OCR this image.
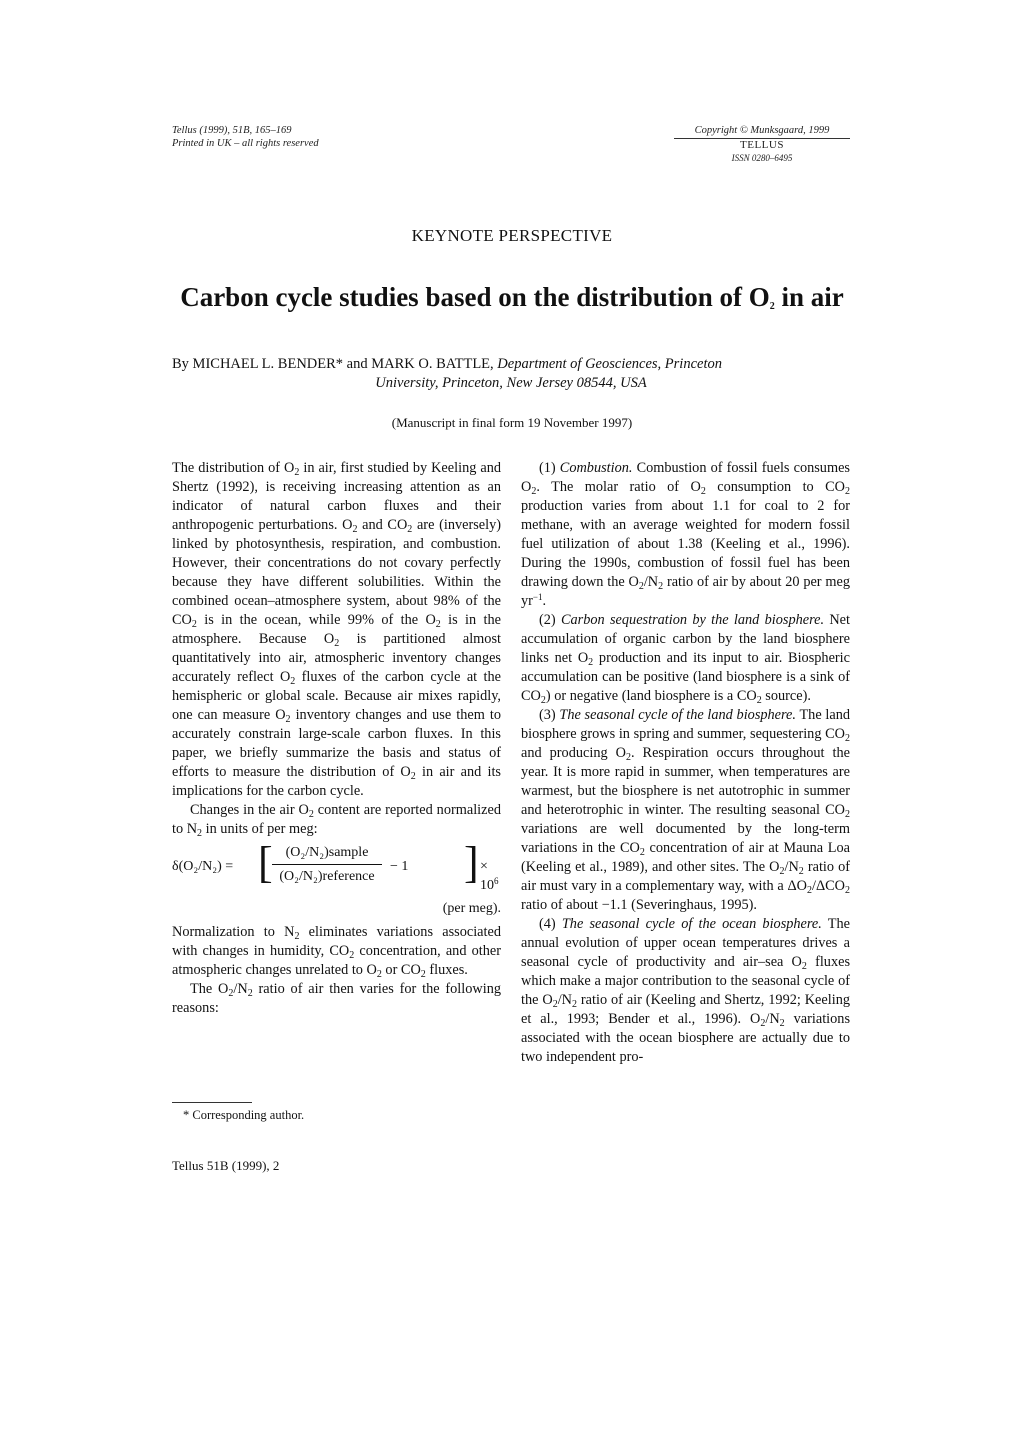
Tellus (1999), 51B, 165–169
Printed in UK – all rights reserved
Copyright © Munksgaard, 1999
TELLUS
ISSN 0280–6495
KEYNOTE PERSPECTIVE
Carbon cycle studies based on the distribution of $O_2$ in air
By MICHAEL L. BENDER* and MARK O. BATTLE, Department of Geosciences, Princeton
University, Princeton, New Jersey 08544, USA
(Manuscript in final form 19 November 1997)

The distribution of $O_2$ in air, first studied by Keeling and Shertz (1992), is receiving increasing attention as an indicator of natural carbon fluxes and their anthropogenic perturbations. $O_2$ and $CO_2$ are (inversely) linked by photosynthesis, respiration, and combustion. However, their concentrations do not covary perfectly because they have different solubilities. Within the combined ocean–atmosphere system, about 98% of the $CO_2$ is in the ocean, while 99% of the $O_2$ is in the atmosphere. Because $O_2$ is partitioned almost quantitatively into air, atmospheric inventory changes accurately reflect $O_2$ fluxes of the carbon cycle at the hemispheric or global scale. Because air mixes rapidly, one can measure $O_2$ inventory changes and use them to accurately constrain large-scale carbon fluxes. In this paper, we briefly summarize the basis and status of efforts to measure the distribution of $O_2$ in air and its implications for the carbon cycle.

Changes in the air $O_2$ content are reported normalized to $N_2$ in units of per meg:

δ(O₂/N₂) = [ (O₂/N₂)sample
(O₂/N₂)reference
− 1 ] × $10^6$
(per meg).

Normalization to $N_2$ eliminates variations associated with changes in humidity, $CO_2$ concentration, and other atmospheric changes unrelated to $O_2$ or $CO_2$ fluxes.

The $O_2/N_2$ ratio of air then varies for the following reasons:

* Corresponding author.
Tellus 51B (1999), 2

(1) Combustion. Combustion of fossil fuels consumes $O_2$. The molar ratio of $O_2$ consumption to $CO_2$ production varies from about 1.1 for coal to 2 for methane, with an average weighted for modern fossil fuel utilization of about 1.38 (Keeling et al., 1996). During the 1990s, combustion of fossil fuel has been drawing down the $O_2/N_2$ ratio of air by about 20 per meg $yr^{-1}$.

(2) Carbon sequestration by the land biosphere. Net accumulation of organic carbon by the land biosphere links net $O_2$ production and its input to air. Biospheric accumulation can be positive (land biosphere is a sink of $CO_2$) or negative (land biosphere is a $CO_2$ source).

(3) The seasonal cycle of the land biosphere. The land biosphere grows in spring and summer, sequestering $CO_2$ and producing $O_2$. Respiration occurs throughout the year. It is more rapid in summer, when temperatures are warmest, but the biosphere is net autotrophic in summer and heterotrophic in winter. The resulting seasonal $CO_2$ variations are well documented by the long-term variations in the $CO_2$ concentration of air at Mauna Loa (Keeling et al., 1989), and other sites. The $O_2/N_2$ ratio of air must vary in a complementary way, with a $\Delta O_2/\Delta CO_2$ ratio of about −1.1 (Severinghaus, 1995).

(4) The seasonal cycle of the ocean biosphere. The annual evolution of upper ocean temperatures drives a seasonal cycle of productivity and air–sea $O_2$ fluxes which make a major contribution to the seasonal cycle of the $O_2/N_2$ ratio of air (Keeling and Shertz, 1992; Keeling et al., 1993; Bender et al., 1996). $O_2/N_2$ variations associated with the ocean biosphere are actually due to two independent pro-
